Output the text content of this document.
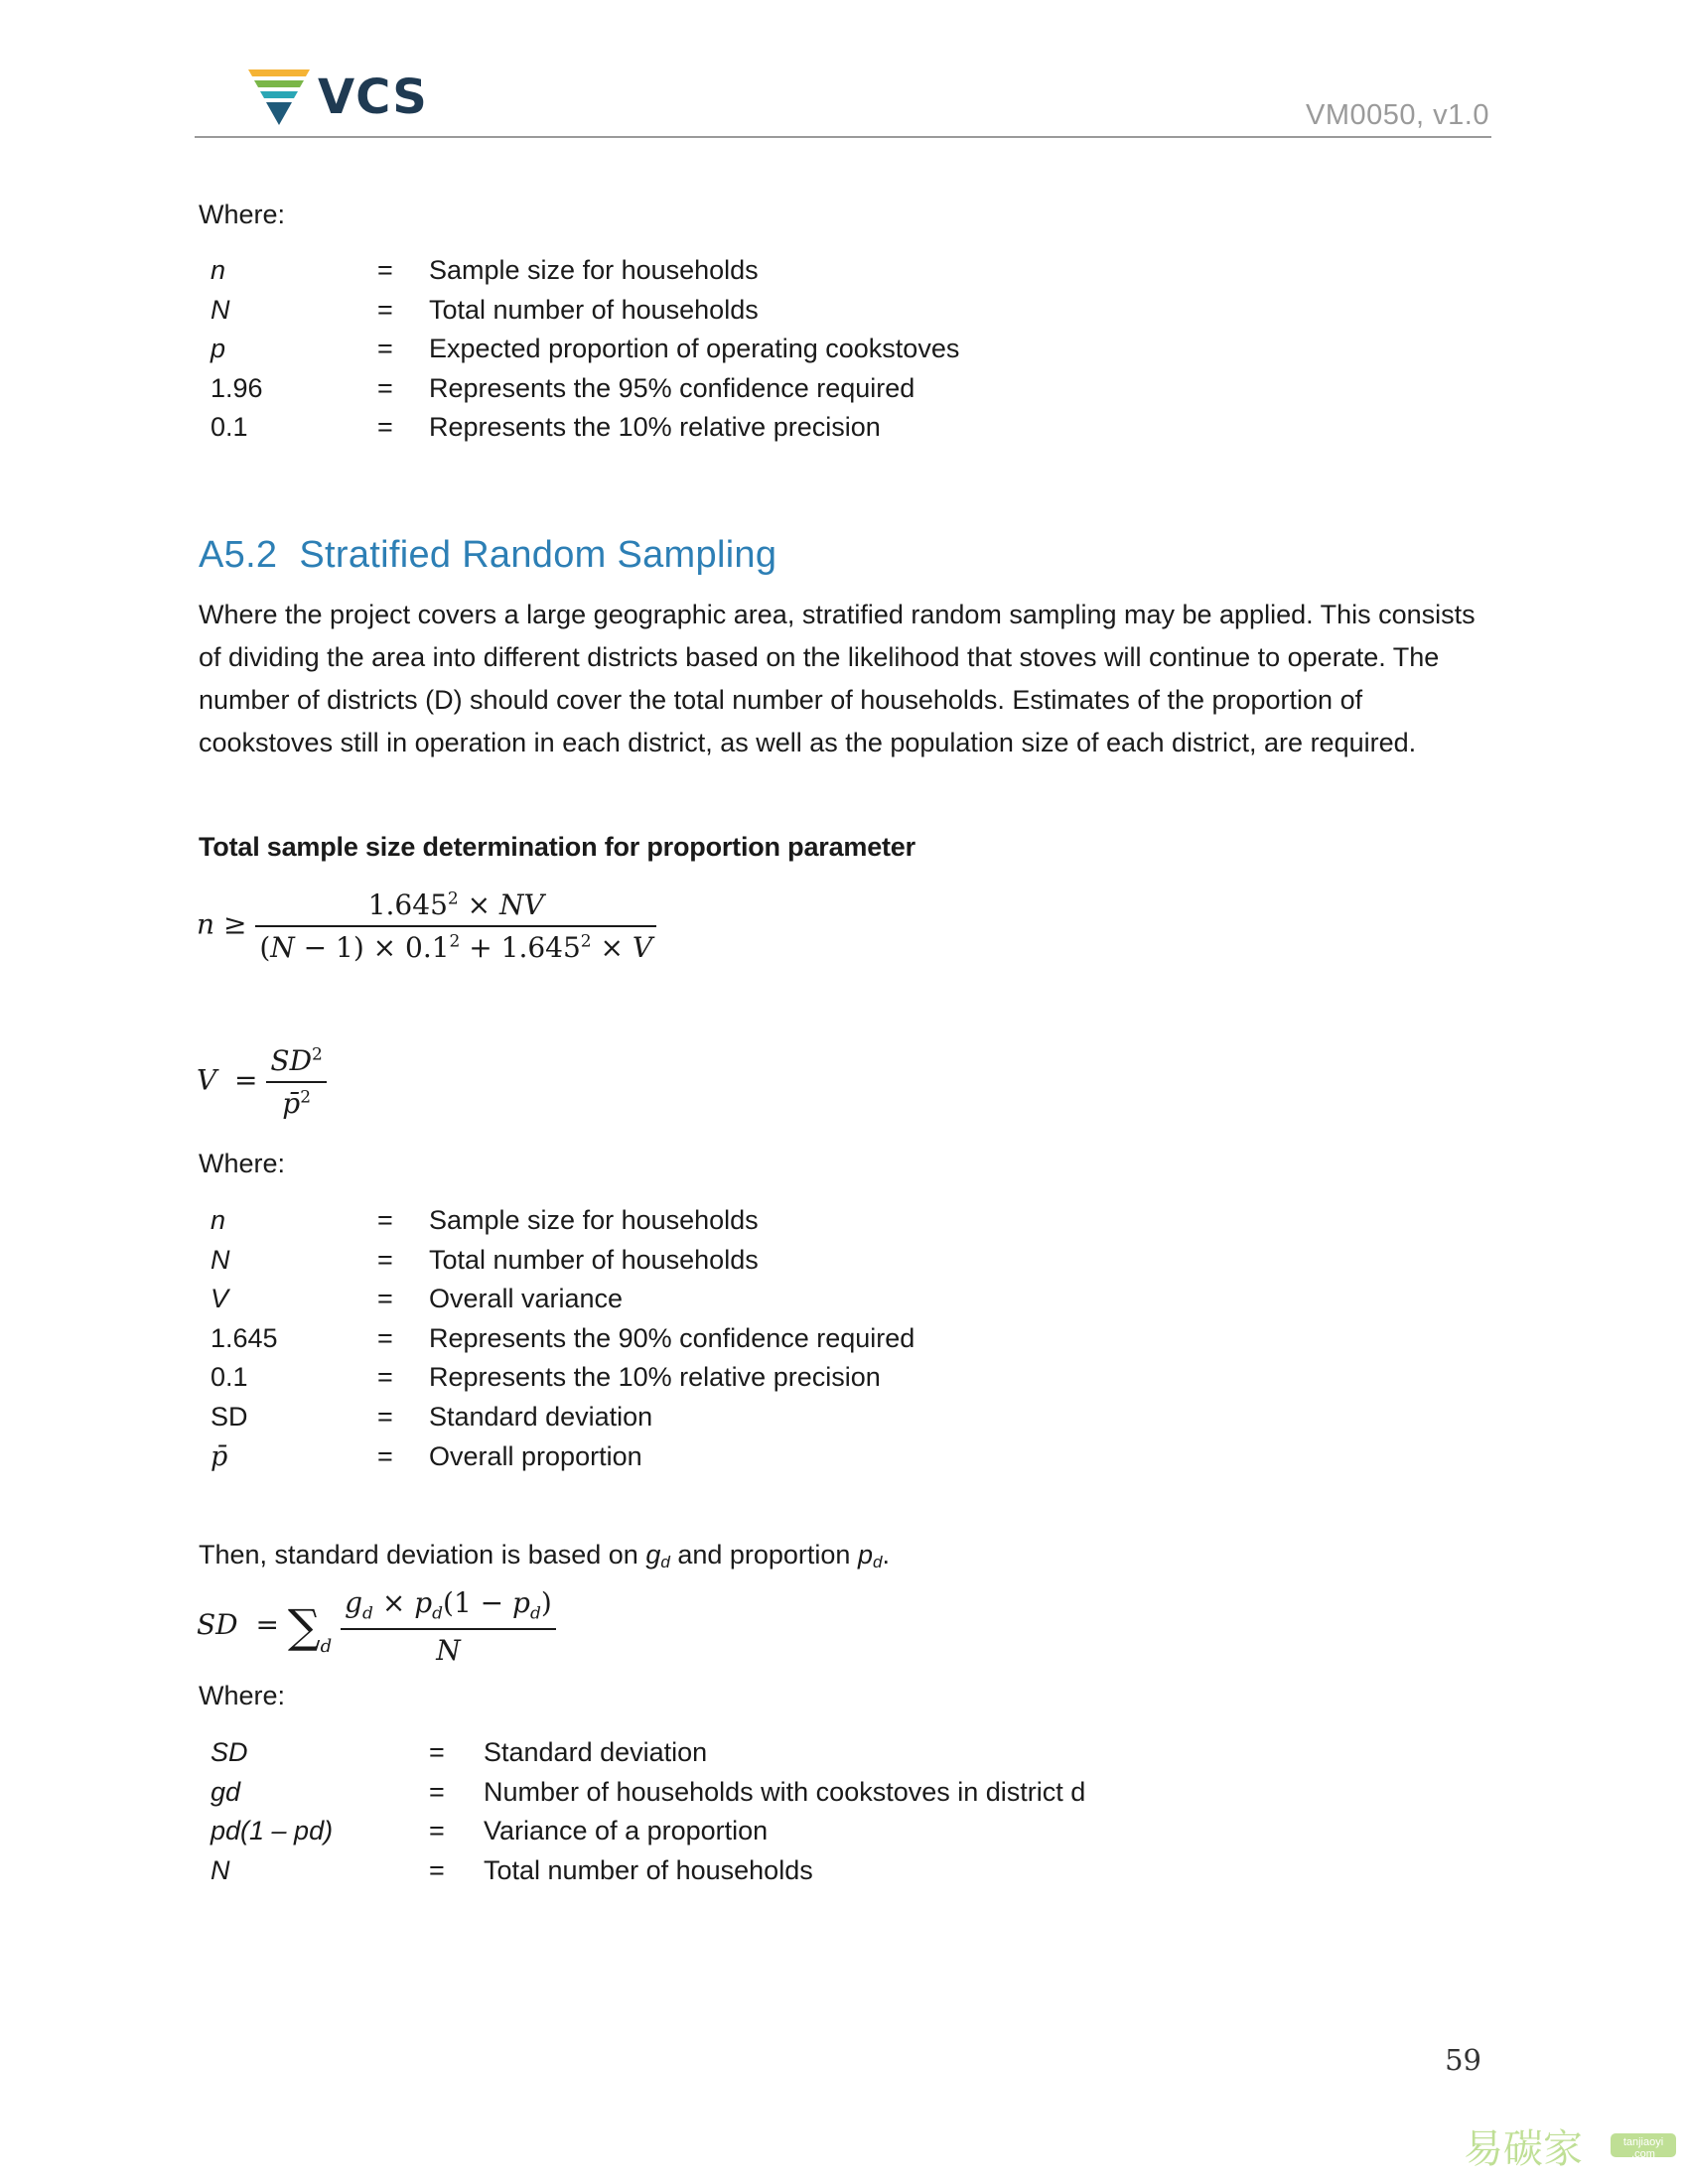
VCS	VM0050, v1.0
Where:
n	= Sample size for households
N	= Total number of households
p	= Expected proportion of operating cookstoves
1.96	= Represents the 95% confidence required
0.1	= Represents the 10% relative precision
A5.2 Stratified Random Sampling
Where the project covers a large geographic area, stratified random sampling may be applied. This consists of dividing the area into different districts based on the likelihood that stoves will continue to operate. The number of districts (D) should cover the total number of households. Estimates of the proportion of cookstoves still in operation in each district, as well as the population size of each district, are required.
Total sample size determination for proportion parameter
$n \ge \frac{1.645^2 \times NV}{(N - 1) \times 0.1^2 + 1.645^2 \times V}$
$V = \frac{SD^2}{p̄^2}$
Where:
n	= Sample size for households
N	= Total number of households
V	= Overall variance
1.645	= Represents the 90% confidence required
0.1	= Represents the 10% relative precision
SD	= Standard deviation
p̄	= Overall proportion
Then, standard deviation is based on $g_d$ and proportion $p_d$.
SD  = $\sum_d \frac{g_d \times p_d(1 - p_d)}{N}$
Where:
SD	= Standard deviation
gd	= Number of households with cookstoves in district d
pd(1 – pd)	= Variance of a proportion
N	= Total number of households
59
易碳家	tanjiaoyi .com
